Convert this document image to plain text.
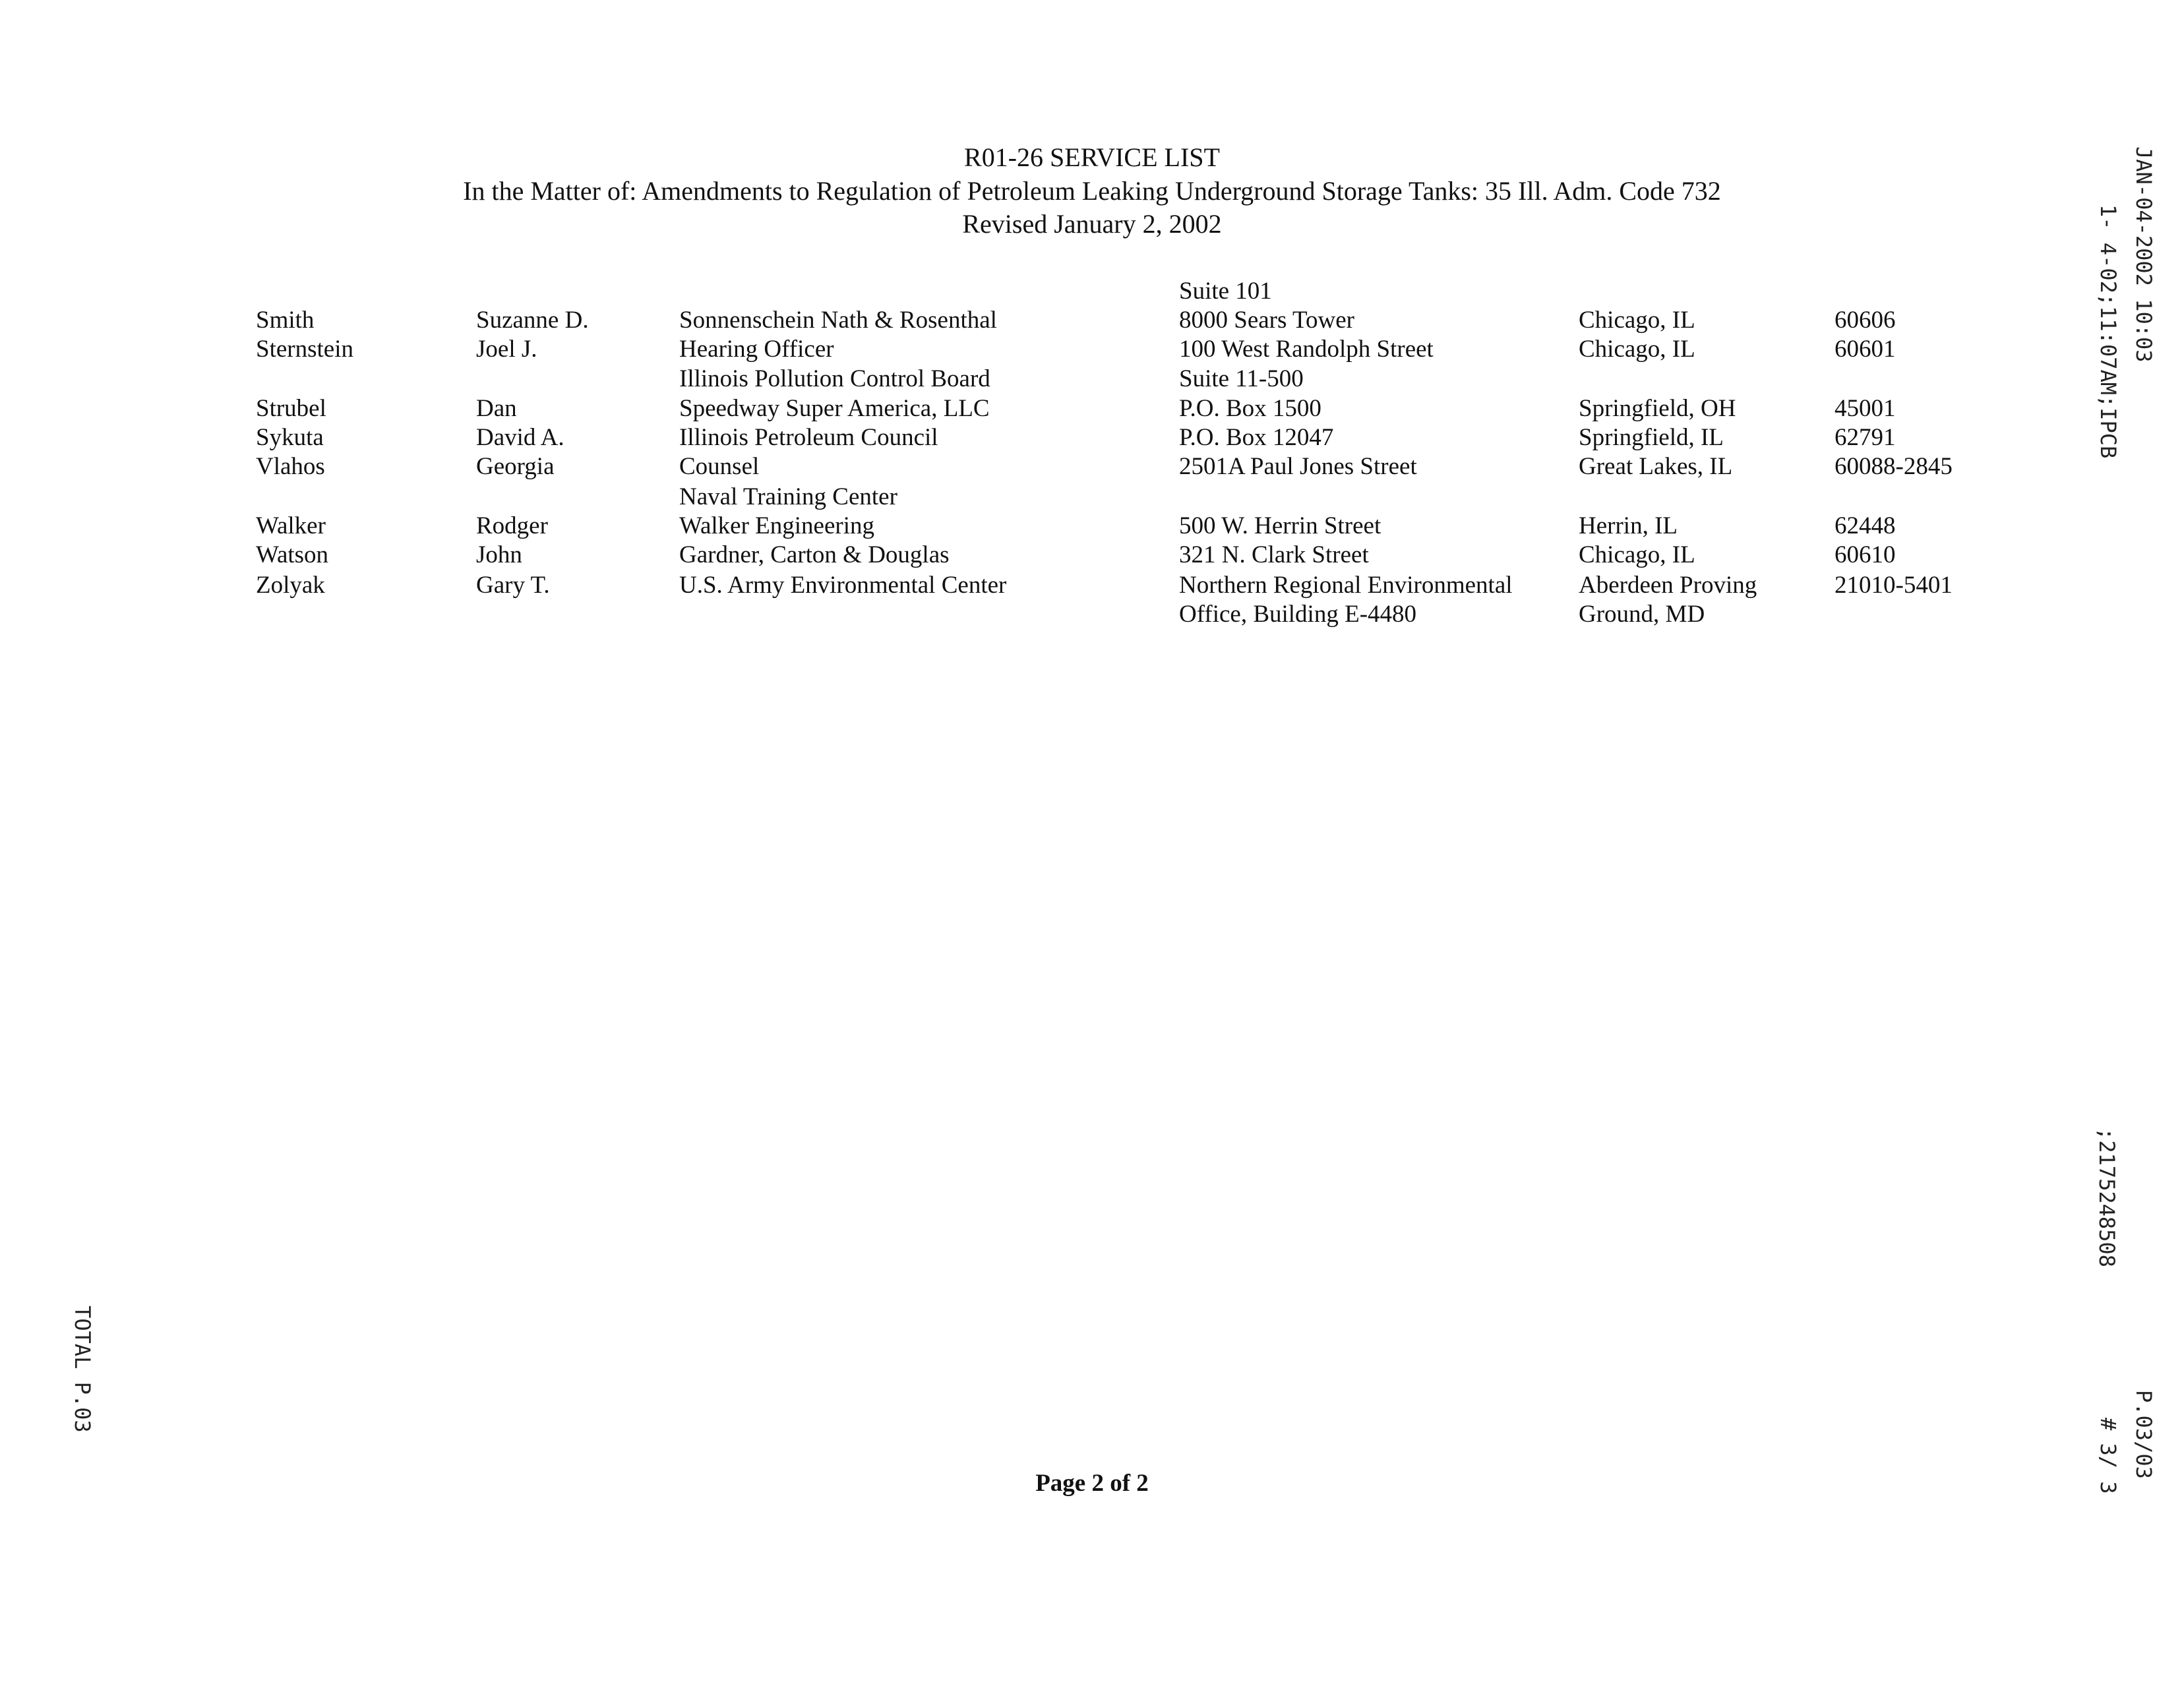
R01-26 SERVICE LIST
In the Matter of: Amendments to Regulation of Petroleum Leaking Underground Storage Tanks: 35 Ill. Adm. Code 732
Revised January 2, 2002
Suite 101
Smith	Suzanne D.	Sonnenschein Nath & Rosenthal	8000 Sears Tower	Chicago, IL	60606
Sternstein	Joel J.	Hearing Officer	100 West Randolph Street	Chicago, IL	60601
Illinois Pollution Control Board	Suite 11-500
Strubel	Dan	Speedway Super America, LLC	P.O. Box 1500	Springfield, OH	45001
Sykuta	David A.	Illinois Petroleum Council	P.O. Box 12047	Springfield, IL	62791
Vlahos	Georgia	Counsel	2501A Paul Jones Street	Great Lakes, IL	60088-2845
Naval Training Center
Walker	Rodger	Walker Engineering	500 W. Herrin Street	Herrin, IL	62448
Watson	John	Gardner, Carton & Douglas	321 N. Clark Street	Chicago, IL	60610
Zolyak	Gary T.	U.S. Army Environmental Center	Northern Regional Environmental	Aberdeen Proving	21010-5401
Office, Building E-4480	Ground, MD
Page 2 of 2
JAN-04-2002 10:03
1- 4-02;11:07AM;IPCB
;2175248508
P.03/03
# 3/ 3
TOTAL P.03
